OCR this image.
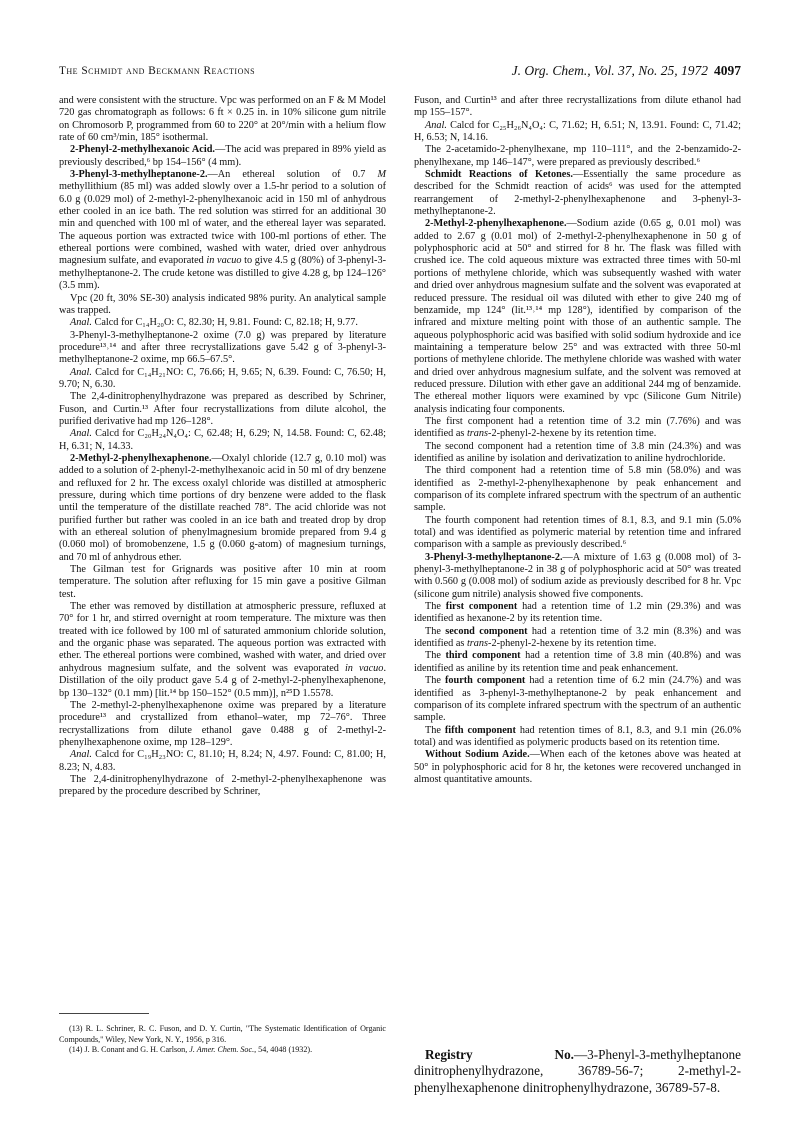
The Schmidt and Beckmann Reactions	J. Org. Chem., Vol. 37, No. 25, 1972 4097

and were consistent with the structure. Vpc was performed on an F & M Model 720 gas chromatograph as follows: 6 ft × 0.25 in. in 10% silicone gum nitrile on Chromosorb P, programmed from 60 to 220° at 20°/min with a helium flow rate of 60 cm³/min, 185° isothermal.

2-Phenyl-2-methylhexanoic Acid.—The acid was prepared in 89% yield as previously described,⁶ bp 154–156° (4 mm).

3-Phenyl-3-methylheptanone-2.—An ethereal solution of 0.7 M methyllithium (85 ml) was added slowly over a 1.5-hr period to a solution of 6.0 g (0.029 mol) of 2-methyl-2-phenylhexanoic acid in 150 ml of anhydrous ether cooled in an ice bath. The red solution was stirred for an additional 30 min and quenched with 100 ml of water, and the ethereal layer was separated. The aqueous portion was extracted twice with 100-ml portions of ether. The ethereal portions were combined, washed with water, dried over anhydrous magnesium sulfate, and evaporated in vacuo to give 4.5 g (80%) of 3-phenyl-3-methylheptanone-2. The crude ketone was distilled to give 4.28 g, bp 124–126° (3.5 mm).

Vpc (20 ft, 30% SE-30) analysis indicated 98% purity. An analytical sample was trapped.

Anal. Calcd for C₁₄H₂₀O: C, 82.30; H, 9.81. Found: C, 82.18; H, 9.77.

3-Phenyl-3-methylheptanone-2 oxime (7.0 g) was prepared by literature procedure¹³˒¹⁴ and after three recrystallizations gave 5.42 g of 3-phenyl-3-methylheptanone-2 oxime, mp 66.5–67.5°.

Anal. Calcd for C₁₄H₂₁NO: C, 76.66; H, 9.65; N, 6.39. Found: C, 76.50; H, 9.70; N, 6.30.

The 2,4-dinitrophenylhydrazone was prepared as described by Schriner, Fuson, and Curtin.¹³ After four recrystallizations from dilute alcohol, the purified derivative had mp 126–128°.

Anal. Calcd for C₂₀H₂₄N₄O₄: C, 62.48; H, 6.29; N, 14.58. Found: C, 62.48; H, 6.31; N, 14.33.

2-Methyl-2-phenylhexaphenone.—Oxalyl chloride (12.7 g, 0.10 mol) was added to a solution of 2-phenyl-2-methylhexanoic acid in 50 ml of dry benzene and refluxed for 2 hr. The excess oxalyl chloride was distilled at atmospheric pressure, during which time portions of dry benzene were added to the flask until the temperature of the distillate reached 78°. The acid chloride was not purified further but rather was cooled in an ice bath and treated drop by drop with an ethereal solution of phenylmagnesium bromide prepared from 9.4 g (0.060 mol) of bromobenzene, 1.5 g (0.060 g-atom) of magnesium turnings, and 70 ml of anhydrous ether.

The Gilman test for Grignards was positive after 10 min at room temperature. The solution after refluxing for 15 min gave a positive Gilman test.

The ether was removed by distillation at atmospheric pressure, refluxed at 70° for 1 hr, and stirred overnight at room temperature. The mixture was then treated with ice followed by 100 ml of saturated ammonium chloride solution, and the organic phase was separated. The aqueous portion was extracted with ether. The ethereal portions were combined, washed with water, and dried over anhydrous magnesium sulfate, and the solvent was evaporated in vacuo. Distillation of the oily product gave 5.4 g of 2-methyl-2-phenylhexaphenone, bp 130–132° (0.1 mm) [lit.¹⁴ bp 150–152° (0.5 mm)], n²⁵D 1.5578.

The 2-methyl-2-phenylhexaphenone oxime was prepared by a literature procedure¹³ and crystallized from ethanol–water, mp 72–76°. Three recrystallizations from dilute ethanol gave 0.488 g of 2-methyl-2-phenylhexaphenone oxime, mp 128–129°.

Anal. Calcd for C₁₉H₂₃NO: C, 81.10; H, 8.24; N, 4.97. Found: C, 81.00; H, 8.23; N, 4.83.

The 2,4-dinitrophenylhydrazone of 2-methyl-2-phenylhexaphenone was prepared by the procedure described by Schriner,

(13) R. L. Schriner, R. C. Fuson, and D. Y. Curtin, "The Systematic Identification of Organic Compounds," Wiley, New York, N. Y., 1956, p 316.

(14) J. B. Conant and G. H. Carlson, J. Amer. Chem. Soc., 54, 4048 (1932).

Fuson, and Curtin¹³ and after three recrystallizations from dilute ethanol had mp 155–157°.

Anal. Calcd for C₂₅H₂₆N₄O₄: C, 71.62; H, 6.51; N, 13.91. Found: C, 71.42; H, 6.53; N, 14.16.

The 2-acetamido-2-phenylhexane, mp 110–111°, and the 2-benzamido-2-phenylhexane, mp 146–147°, were prepared as previously described.⁶

Schmidt Reactions of Ketones.—Essentially the same procedure as described for the Schmidt reaction of acids⁶ was used for the attempted rearrangement of 2-methyl-2-phenylhexaphenone and 3-phenyl-3-methylheptanone-2.

2-Methyl-2-phenylhexaphenone.—Sodium azide (0.65 g, 0.01 mol) was added to 2.67 g (0.01 mol) of 2-methyl-2-phenylhexaphenone in 50 g of polyphosphoric acid at 50° and stirred for 8 hr. The flask was filled with crushed ice. The cold aqueous mixture was extracted three times with 50-ml portions of methylene chloride, which was subsequently washed with water and dried over anhydrous magnesium sulfate and the solvent was evaporated at reduced pressure. The residual oil was diluted with ether to give 240 mg of benzamide, mp 124° (lit.¹³˒¹⁴ mp 128°), identified by comparison of the infrared and mixture melting point with those of an authentic sample. The aqueous polyphosphoric acid was basified with solid sodium hydroxide and ice maintaining a temperature below 25° and was extracted with three 50-ml portions of methylene chloride. The methylene chloride was washed with water and dried over anhydrous magnesium sulfate, and the solvent was removed at reduced pressure. Dilution with ether gave an additional 244 mg of benzamide. The ethereal mother liquors were examined by vpc (Silicone Gum Nitrile) analysis indicating four components.

The first component had a retention time of 3.2 min (7.76%) and was identified as trans-2-phenyl-2-hexene by its retention time.

The second component had a retention time of 3.8 min (24.3%) and was identified as aniline by isolation and derivatization to aniline hydrochloride.

The third component had a retention time of 5.8 min (58.0%) and was identified as 2-methyl-2-phenylhexaphenone by peak enhancement and comparison of its complete infrared spectrum with the spectrum of an authentic sample.

The fourth component had retention times of 8.1, 8.3, and 9.1 min (5.0% total) and was identified as polymeric material by retention time and infrared comparison with a sample as previously described.⁶

3-Phenyl-3-methylheptanone-2.—A mixture of 1.63 g (0.008 mol) of 3-phenyl-3-methylheptanone-2 in 38 g of polyphosphoric acid at 50° was treated with 0.560 g (0.008 mol) of sodium azide as previously described for 8 hr. Vpc (silicone gum nitrile) analysis showed five components.

The first component had a retention time of 1.2 min (29.3%) and was identified as hexanone-2 by its retention time.

The second component had a retention time of 3.2 min (8.3%) and was identified as trans-2-phenyl-2-hexene by its retention time.

The third component had a retention time of 3.8 min (40.8%) and was identified as aniline by its retention time and peak enhancement.

The fourth component had a retention time of 6.2 min (24.7%) and was identified as 3-phenyl-3-methylheptanone-2 by peak enhancement and comparison of its complete infrared spectrum with the spectrum of an authentic sample.

The fifth component had retention times of 8.1, 8.3, and 9.1 min (26.0% total) and was identified as polymeric products based on its retention time.

Without Sodium Azide.—When each of the ketones above was heated at 50° in polyphosphoric acid for 8 hr, the ketones were recovered unchanged in almost quantitative amounts.

Registry No.—3-Phenyl-3-methylheptanone dinitrophenylhydrazone, 36789-56-7; 2-methyl-2-phenylhexaphenone dinitrophenylhydrazone, 36789-57-8.
